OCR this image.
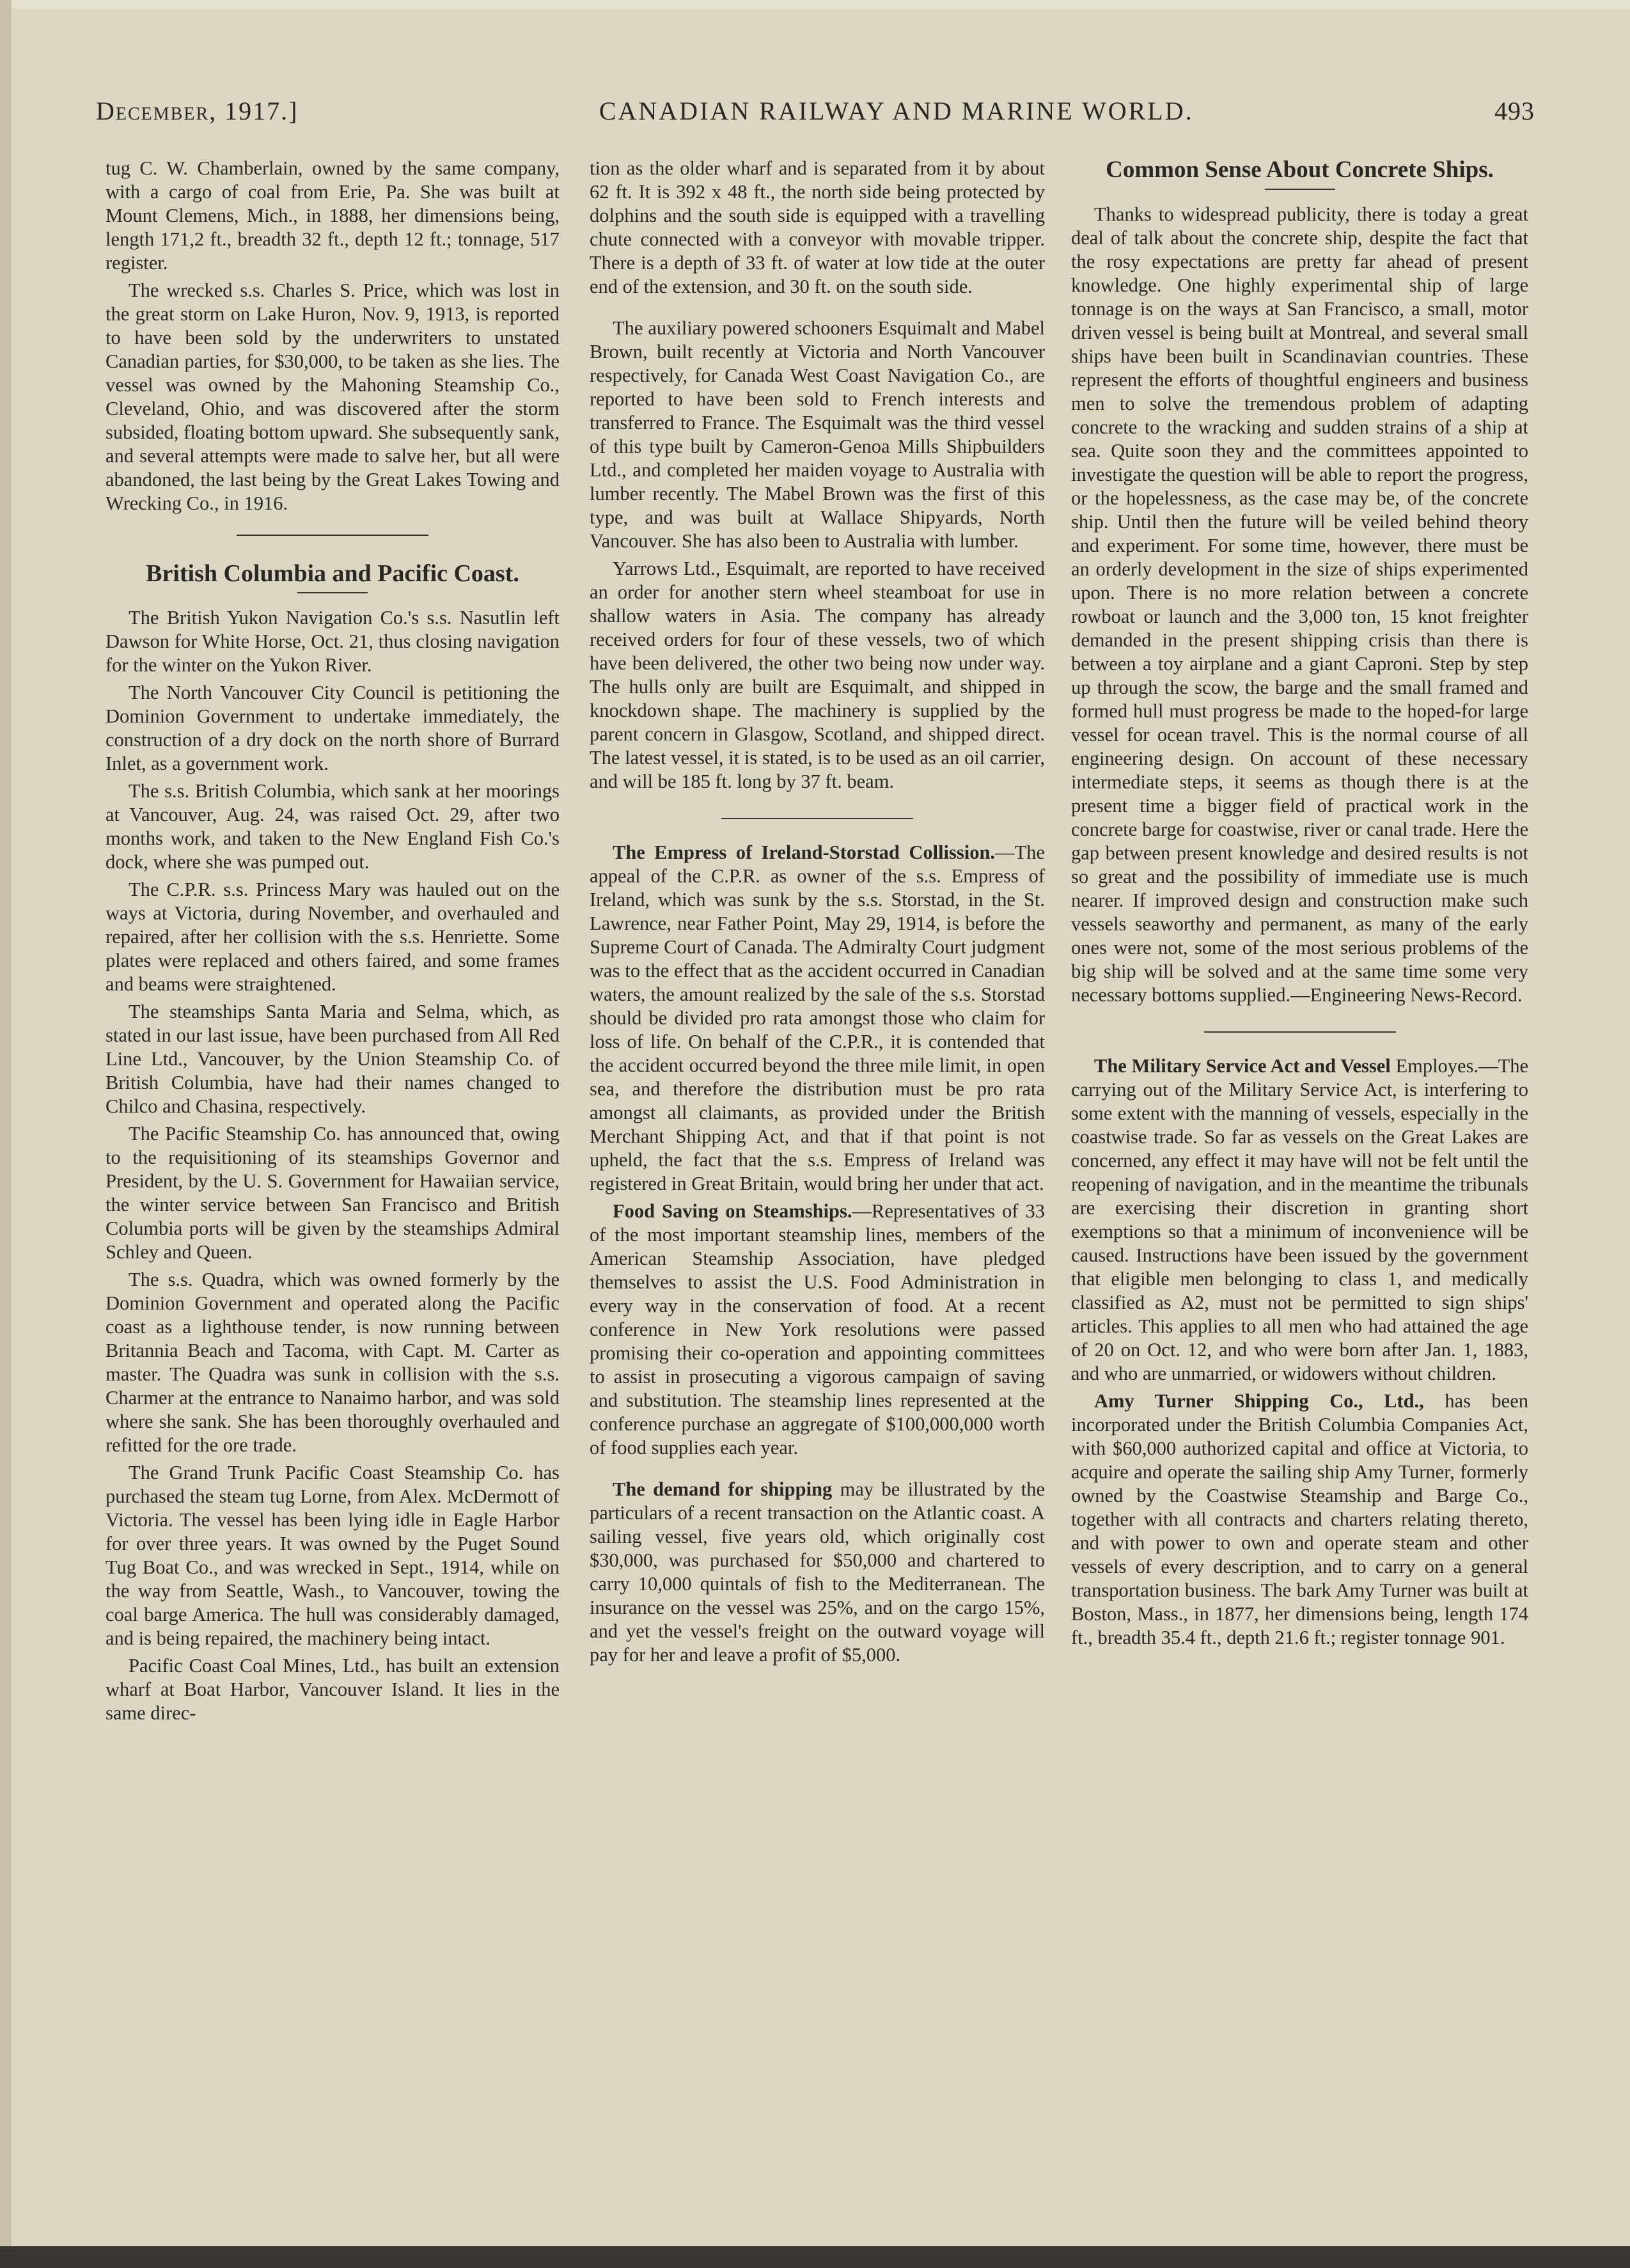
December, 1917.]	CANADIAN RAILWAY AND MARINE WORLD.	493

tug C. W. Chamberlain, owned by the same company, with a cargo of coal from Erie, Pa. She was built at Mount Clemens, Mich., in 1888, her dimensions being, length 171,2 ft., breadth 32 ft., depth 12 ft.; tonnage, 517 register.

The wrecked s.s. Charles S. Price, which was lost in the great storm on Lake Huron, Nov. 9, 1913, is reported to have been sold by the underwriters to unstated Canadian parties, for $30,000, to be taken as she lies. The vessel was owned by the Mahoning Steamship Co., Cleveland, Ohio, and was discovered after the storm subsided, floating bottom upward. She subsequently sank, and several attempts were made to salve her, but all were abandoned, the last being by the Great Lakes Towing and Wrecking Co., in 1916.

British Columbia and Pacific Coast.

The British Yukon Navigation Co.'s s.s. Nasutlin left Dawson for White Horse, Oct. 21, thus closing navigation for the winter on the Yukon River.

The North Vancouver City Council is petitioning the Dominion Government to undertake immediately, the construction of a dry dock on the north shore of Burrard Inlet, as a government work.

The s.s. British Columbia, which sank at her moorings at Vancouver, Aug. 24, was raised Oct. 29, after two months work, and taken to the New England Fish Co.'s dock, where she was pumped out.

The C.P.R. s.s. Princess Mary was hauled out on the ways at Victoria, during November, and overhauled and repaired, after her collision with the s.s. Henriette. Some plates were replaced and others faired, and some frames and beams were straightened.

The steamships Santa Maria and Selma, which, as stated in our last issue, have been purchased from All Red Line Ltd., Vancouver, by the Union Steamship Co. of British Columbia, have had their names changed to Chilco and Chasina, respectively.

The Pacific Steamship Co. has announced that, owing to the requisitioning of its steamships Governor and President, by the U. S. Government for Hawaiian service, the winter service between San Francisco and British Columbia ports will be given by the steamships Admiral Schley and Queen.

The s.s. Quadra, which was owned formerly by the Dominion Government and operated along the Pacific coast as a lighthouse tender, is now running between Britannia Beach and Tacoma, with Capt. M. Carter as master. The Quadra was sunk in collision with the s.s. Charmer at the entrance to Nanaimo harbor, and was sold where she sank. She has been thoroughly overhauled and refitted for the ore trade.

The Grand Trunk Pacific Coast Steamship Co. has purchased the steam tug Lorne, from Alex. McDermott of Victoria. The vessel has been lying idle in Eagle Harbor for over three years. It was owned by the Puget Sound Tug Boat Co., and was wrecked in Sept., 1914, while on the way from Seattle, Wash., to Vancouver, towing the coal barge America. The hull was considerably damaged, and is being repaired, the machinery being intact.

Pacific Coast Coal Mines, Ltd., has built an extension wharf at Boat Harbor, Vancouver Island. It lies in the same direc-

tion as the older wharf and is separated from it by about 62 ft. It is 392 x 48 ft., the north side being protected by dolphins and the south side is equipped with a travelling chute connected with a conveyor with movable tripper. There is a depth of 33 ft. of water at low tide at the outer end of the extension, and 30 ft. on the south side.

The auxiliary powered schooners Esquimalt and Mabel Brown, built recently at Victoria and North Vancouver respectively, for Canada West Coast Navigation Co., are reported to have been sold to French interests and transferred to France. The Esquimalt was the third vessel of this type built by Cameron-Genoa Mills Shipbuilders Ltd., and completed her maiden voyage to Australia with lumber recently. The Mabel Brown was the first of this type, and was built at Wallace Shipyards, North Vancouver. She has also been to Australia with lumber.

Yarrows Ltd., Esquimalt, are reported to have received an order for another stern wheel steamboat for use in shallow waters in Asia. The company has already received orders for four of these vessels, two of which have been delivered, the other two being now under way. The hulls only are built are Esquimalt, and shipped in knockdown shape. The machinery is supplied by the parent concern in Glasgow, Scotland, and shipped direct. The latest vessel, it is stated, is to be used as an oil carrier, and will be 185 ft. long by 37 ft. beam.

The Empress of Ireland-Storstad Collission.—The appeal of the C.P.R. as owner of the s.s. Empress of Ireland, which was sunk by the s.s. Storstad, in the St. Lawrence, near Father Point, May 29, 1914, is before the Supreme Court of Canada. The Admiralty Court judgment was to the effect that as the accident occurred in Canadian waters, the amount realized by the sale of the s.s. Storstad should be divided pro rata amongst those who claim for loss of life. On behalf of the C.P.R., it is contended that the accident occurred beyond the three mile limit, in open sea, and therefore the distribution must be pro rata amongst all claimants, as provided under the British Merchant Shipping Act, and that if that point is not upheld, the fact that the s.s. Empress of Ireland was registered in Great Britain, would bring her under that act.

Food Saving on Steamships.—Representatives of 33 of the most important steamship lines, members of the American Steamship Association, have pledged themselves to assist the U.S. Food Administration in every way in the conservation of food. At a recent conference in New York resolutions were passed promising their co-operation and appointing committees to assist in prosecuting a vigorous campaign of saving and substitution. The steamship lines represented at the conference purchase an aggregate of $100,000,000 worth of food supplies each year.

The demand for shipping may be illustrated by the particulars of a recent transaction on the Atlantic coast. A sailing vessel, five years old, which originally cost $30,000, was purchased for $50,000 and chartered to carry 10,000 quintals of fish to the Mediterranean. The insurance on the vessel was 25%, and on the cargo 15%, and yet the vessel's freight on the outward voyage will pay for her and leave a profit of $5,000.

Common Sense About Concrete Ships.

Thanks to widespread publicity, there is today a great deal of talk about the concrete ship, despite the fact that the rosy expectations are pretty far ahead of present knowledge. One highly experimental ship of large tonnage is on the ways at San Francisco, a small, motor driven vessel is being built at Montreal, and several small ships have been built in Scandinavian countries. These represent the efforts of thoughtful engineers and business men to solve the tremendous problem of adapting concrete to the wracking and sudden strains of a ship at sea. Quite soon they and the committees appointed to investigate the question will be able to report the progress, or the hopelessness, as the case may be, of the concrete ship. Until then the future will be veiled behind theory and experiment. For some time, however, there must be an orderly development in the size of ships experimented upon. There is no more relation between a concrete rowboat or launch and the 3,000 ton, 15 knot freighter demanded in the present shipping crisis than there is between a toy airplane and a giant Caproni. Step by step up through the scow, the barge and the small framed and formed hull must progress be made to the hoped-for large vessel for ocean travel. This is the normal course of all engineering design. On account of these necessary intermediate steps, it seems as though there is at the present time a bigger field of practical work in the concrete barge for coastwise, river or canal trade. Here the gap between present knowledge and desired results is not so great and the possibility of immediate use is much nearer. If improved design and construction make such vessels seaworthy and permanent, as many of the early ones were not, some of the most serious problems of the big ship will be solved and at the same time some very necessary bottoms supplied.—Engineering News-Record.

The Military Service Act and Vessel Employes.—The carrying out of the Military Service Act, is interfering to some extent with the manning of vessels, especially in the coastwise trade. So far as vessels on the Great Lakes are concerned, any effect it may have will not be felt until the reopening of navigation, and in the meantime the tribunals are exercising their discretion in granting short exemptions so that a minimum of inconvenience will be caused. Instructions have been issued by the government that eligible men belonging to class 1, and medically classified as A2, must not be permitted to sign ships' articles. This applies to all men who had attained the age of 20 on Oct. 12, and who were born after Jan. 1, 1883, and who are unmarried, or widowers without children.

Amy Turner Shipping Co., Ltd., has been incorporated under the British Columbia Companies Act, with $60,000 authorized capital and office at Victoria, to acquire and operate the sailing ship Amy Turner, formerly owned by the Coastwise Steamship and Barge Co., together with all contracts and charters relating thereto, and with power to own and operate steam and other vessels of every description, and to carry on a general transportation business. The bark Amy Turner was built at Boston, Mass., in 1877, her dimensions being, length 174 ft., breadth 35.4 ft., depth 21.6 ft.; register tonnage 901.
